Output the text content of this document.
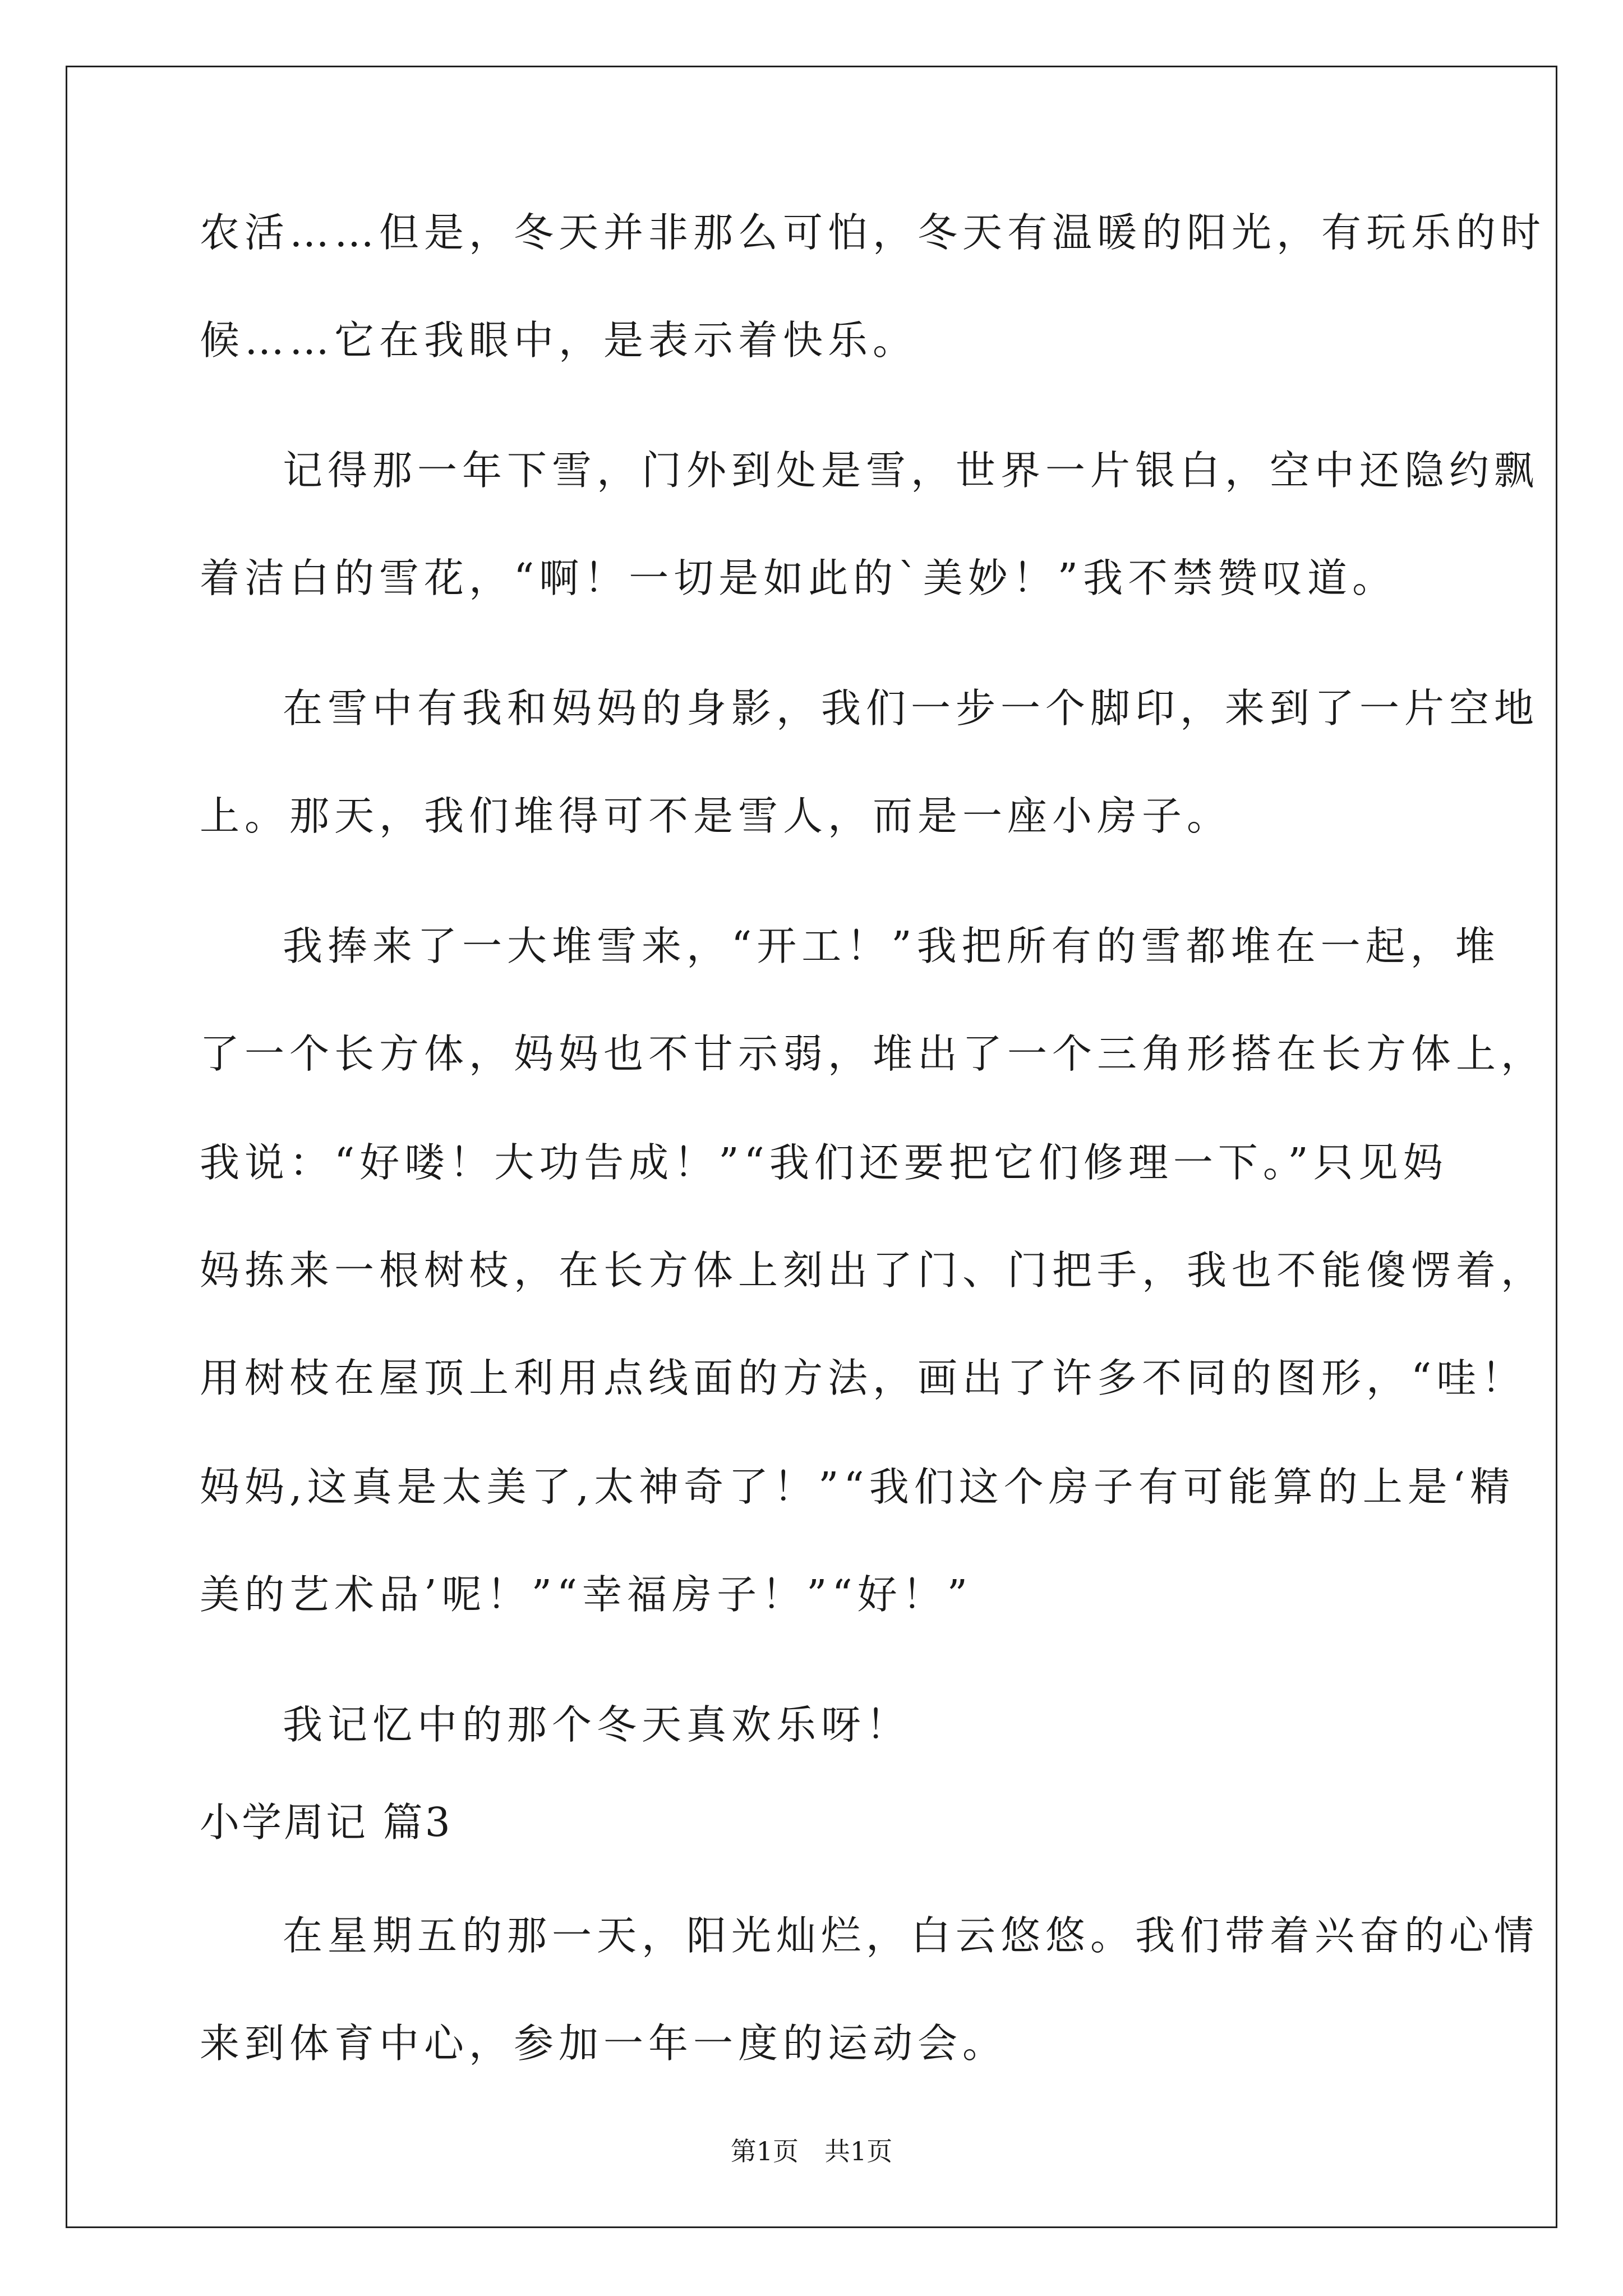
农活……但是，冬天并非那么可怕，冬天有温暖的阳光，有玩乐的时
候……它在我眼中，是表示着快乐。
记得那一年下雪，门外到处是雪，世界一片银白，空中还隐约飘
着洁白的雪花，“啊！一切是如此的`美妙！”我不禁赞叹道。
在雪中有我和妈妈的身影，我们一步一个脚印，来到了一片空地
上。那天，我们堆得可不是雪人，而是一座小房子。
我捧来了一大堆雪来，“开工！”我把所有的雪都堆在一起，堆
了一个长方体，妈妈也不甘示弱，堆出了一个三角形搭在长方体上，
我说：“好喽！大功告成！”“我们还要把它们修理一下。”只见妈
妈拣来一根树枝，在长方体上刻出了门、门把手，我也不能傻愣着，
用树枝在屋顶上利用点线面的方法，画出了许多不同的图形，“哇！
妈妈,这真是太美了,太神奇了！”“我们这个房子有可能算的上是‘精
美的艺术品’呢！”“幸福房子！”“好！”
我记忆中的那个冬天真欢乐呀！
小学周记 篇3
在星期五的那一天，阳光灿烂，白云悠悠。我们带着兴奋的心情
来到体育中心，参加一年一度的运动会。
第1页　共1页
